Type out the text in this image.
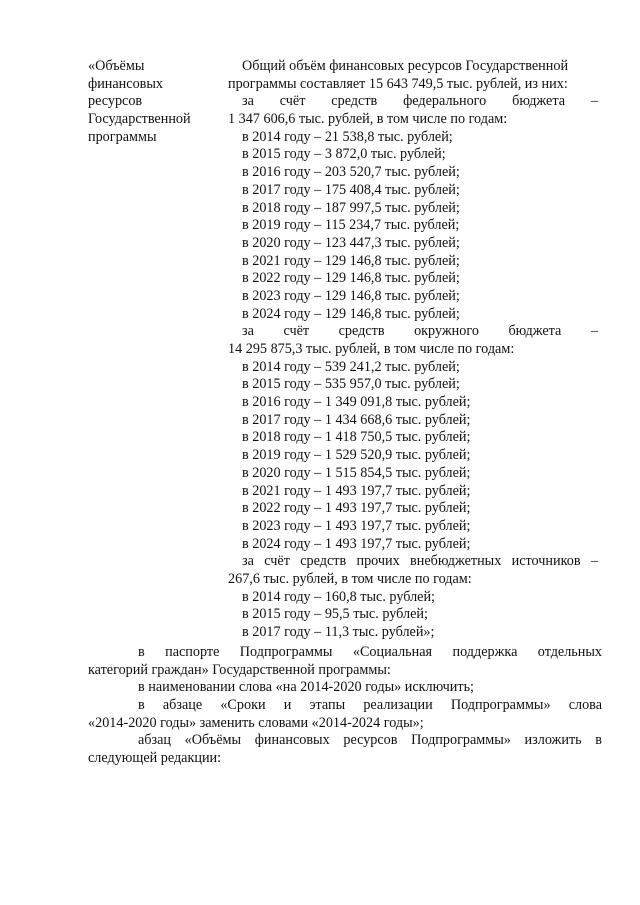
«Объёмы
финансовых
ресурсов
Государственной
программы
Общий объём финансовых ресурсов Государственной
программы составляет 15 643 749,5 тыс. рублей, из них:
за счёт средств федерального бюджета –
1 347 606,6 тыс. рублей, в том числе по годам:
в 2014 году – 21 538,8 тыс. рублей;
в 2015 году – 3 872,0 тыс. рублей;
в 2016 году – 203 520,7 тыс. рублей;
в 2017 году – 175 408,4 тыс. рублей;
в 2018 году – 187 997,5 тыс. рублей;
в 2019 году – 115 234,7 тыс. рублей;
в 2020 году – 123 447,3 тыс. рублей;
в 2021 году – 129 146,8 тыс. рублей;
в 2022 году – 129 146,8 тыс. рублей;
в 2023 году – 129 146,8 тыс. рублей;
в 2024 году – 129 146,8 тыс. рублей;
за счёт средств окружного бюджета –
14 295 875,3 тыс. рублей, в том числе по годам:
в 2014 году – 539 241,2 тыс. рублей;
в 2015 году – 535 957,0 тыс. рублей;
в 2016 году – 1 349 091,8 тыс. рублей;
в 2017 году – 1 434 668,6 тыс. рублей;
в 2018 году – 1 418 750,5 тыс. рублей;
в 2019 году – 1 529 520,9 тыс. рублей;
в 2020 году – 1 515 854,5 тыс. рублей;
в 2021 году – 1 493 197,7 тыс. рублей;
в 2022 году – 1 493 197,7 тыс. рублей;
в 2023 году – 1 493 197,7 тыс. рублей;
в 2024 году – 1 493 197,7 тыс. рублей;
за счёт средств прочих внебюджетных источников –
267,6 тыс. рублей, в том числе по годам:
в 2014 году – 160,8 тыс. рублей;
в 2015 году – 95,5 тыс. рублей;
в 2017 году – 11,3 тыс. рублей»;
в паспорте Подпрограммы «Социальная поддержка отдельных
категорий граждан» Государственной программы:
в наименовании слова «на 2014-2020 годы» исключить;
в абзаце «Сроки и этапы реализации Подпрограммы» слова
«2014-2020 годы» заменить словами «2014-2024 годы»;
абзац «Объёмы финансовых ресурсов Подпрограммы» изложить в
следующей редакции:
